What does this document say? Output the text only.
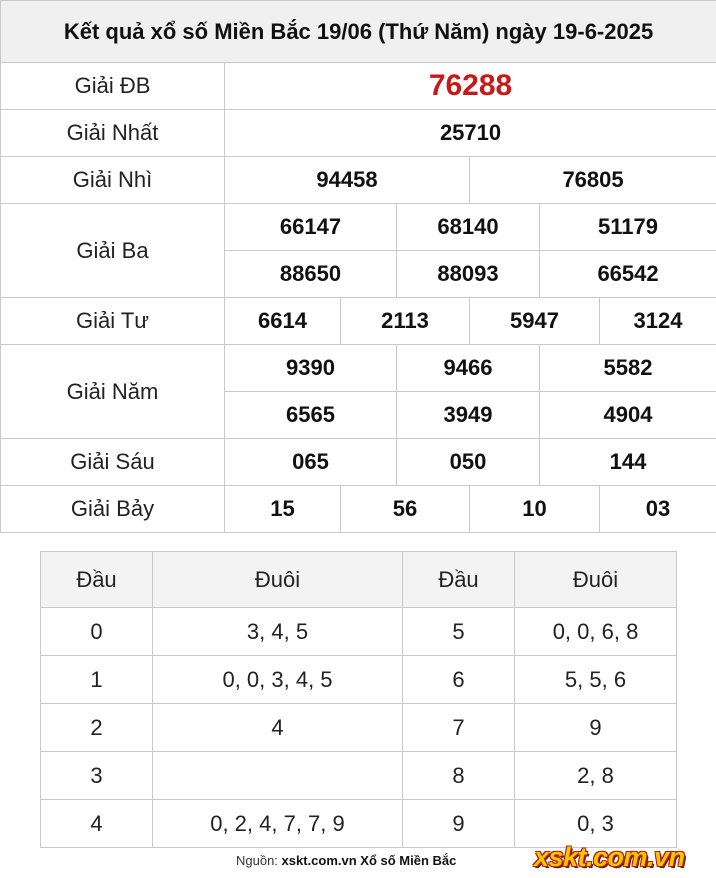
Kết quả xổ số Miền Bắc 19/06 (Thứ Năm) ngày 19-6-2025						
Giải ĐB	76288					
Giải Nhất	25710					
Giải Nhì	94458			76805		
Giải Ba	66147		68140		51179	
	88650		88093		66542	
Giải Tư	6614	2113		5947		3124
Giải Năm	9390		9466		5582	
	6565		3949		4904	
Giải Sáu	065		050		144	
Giải Bảy	15	56		10		03
Đầu	Đuôi	Đầu	Đuôi
0	3, 4, 5	5	0, 0, 6, 8
1	0, 0, 3, 4, 5	6	5, 5, 6
2	4	7	9
3		8	2, 8
4	0, 2, 4, 7, 7, 9	9	0, 3
Nguồn: xskt.com.vn Xổ số Miền Bắc	xskt.com.vn
